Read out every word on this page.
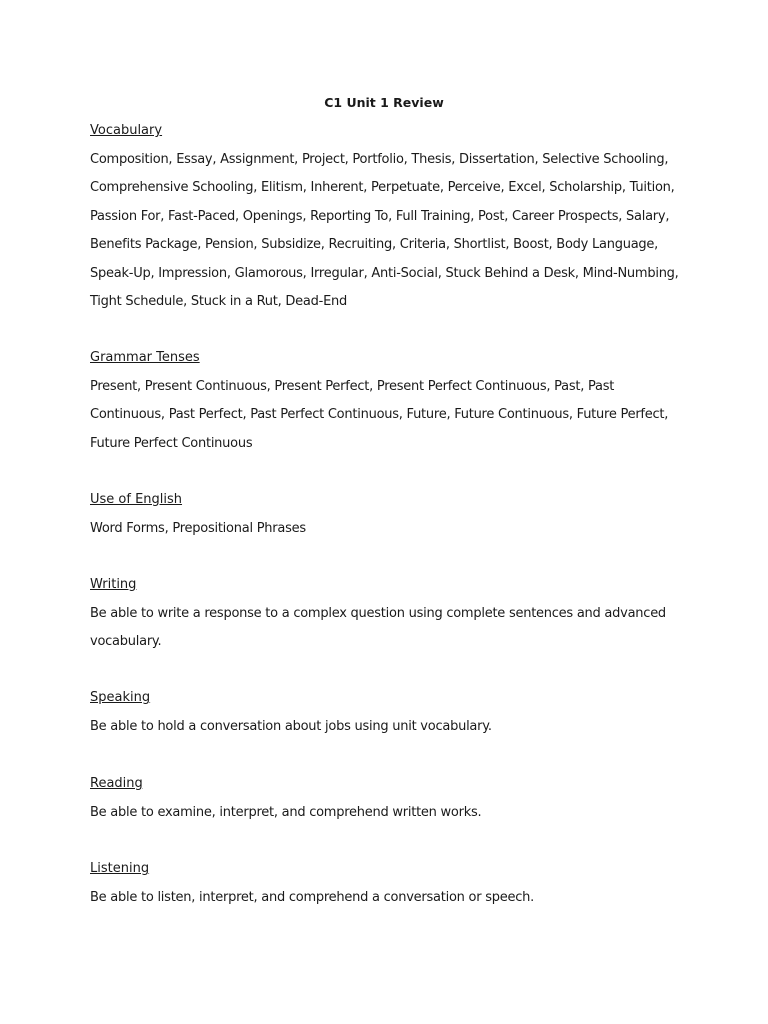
C1 Unit 1 Review

Vocabulary

Composition, Essay, Assignment, Project, Portfolio, Thesis, Dissertation, Selective Schooling,

Comprehensive Schooling, Elitism, Inherent, Perpetuate, Perceive, Excel, Scholarship, Tuition,

Passion For, Fast-Paced, Openings, Reporting To, Full Training, Post, Career Prospects, Salary,

Benefits Package, Pension, Subsidize, Recruiting, Criteria, Shortlist, Boost, Body Language,

Speak-Up, Impression, Glamorous, Irregular, Anti-Social, Stuck Behind a Desk, Mind-Numbing,

Tight Schedule, Stuck in a Rut, Dead-End

Grammar Tenses

Present, Present Continuous, Present Perfect, Present Perfect Continuous, Past, Past

Continuous, Past Perfect, Past Perfect Continuous, Future, Future Continuous, Future Perfect,

Future Perfect Continuous

Use of English

Word Forms, Prepositional Phrases

Writing

Be able to write a response to a complex question using complete sentences and advanced

vocabulary.

Speaking

Be able to hold a conversation about jobs using unit vocabulary.

Reading

Be able to examine, interpret, and comprehend written works.

Listening

Be able to listen, interpret, and comprehend a conversation or speech.
